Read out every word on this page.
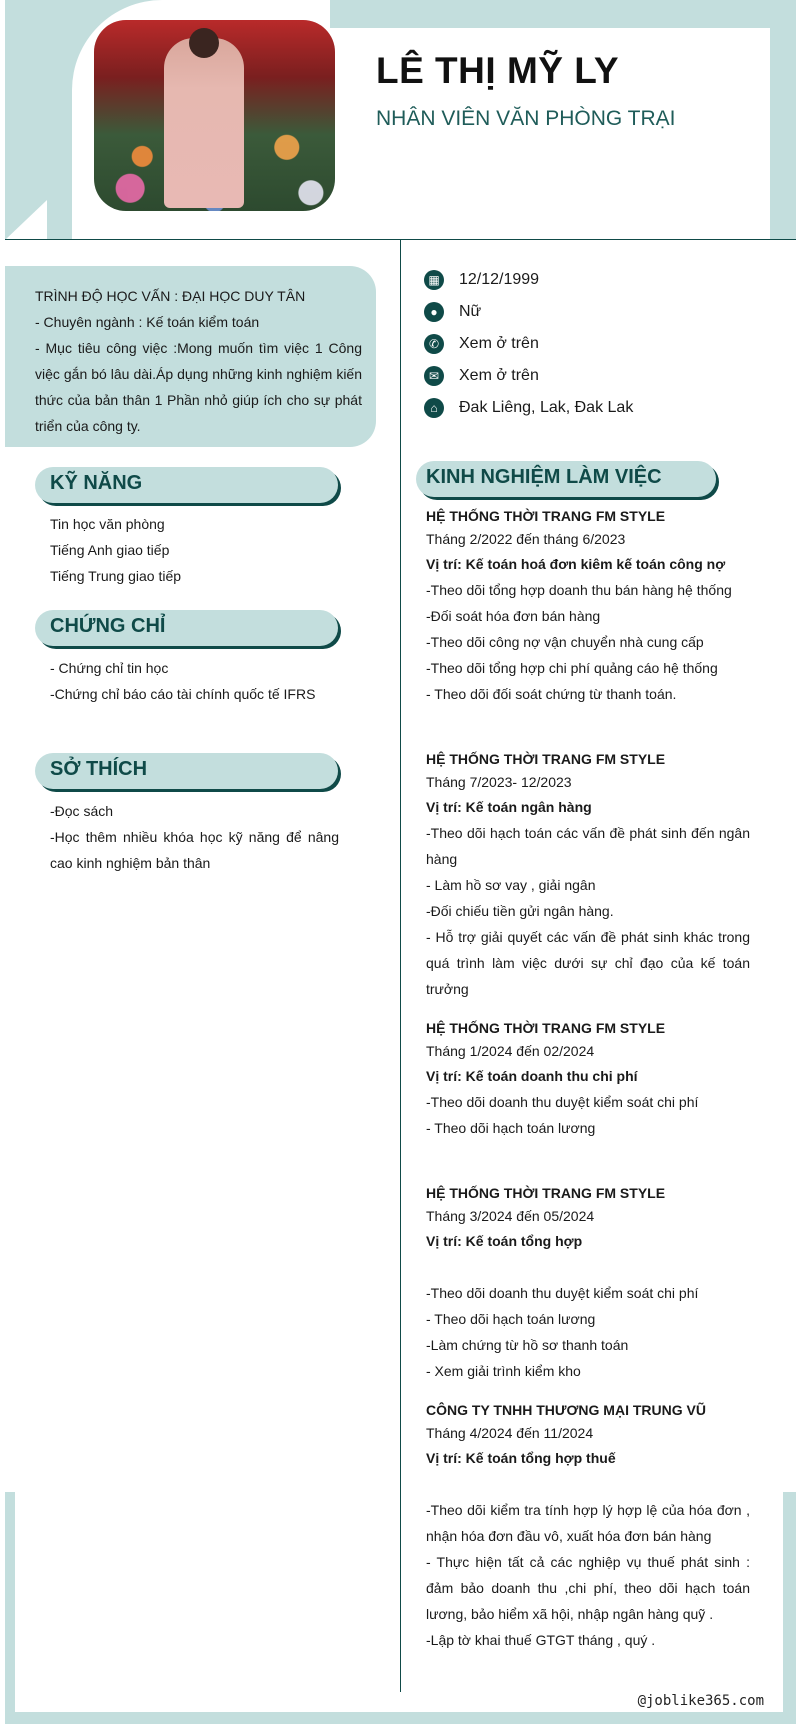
LÊ THỊ MỸ LY
NHÂN VIÊN VĂN PHÒNG TRẠI

TRÌNH ĐỘ HỌC VẤN : ĐẠI HỌC DUY TÂN

- Chuyên ngành : Kế toán kiểm toán

- Mục tiêu công việc :Mong muốn tìm việc 1 Công việc gắn bó lâu dài.Áp dụng những kinh nghiệm kiến thức của bản thân 1 Phần nhỏ giúp ích cho sự phát triển của công ty.

KỸ NĂNG

Tin học văn phòng

Tiếng Anh giao tiếp

Tiếng Trung giao tiếp

CHỨNG CHỈ

- Chứng chỉ tin học

-Chứng chỉ báo cáo tài chính quốc tế IFRS

SỞ THÍCH

-Đọc sách

-Học thêm nhiều khóa học kỹ năng để nâng cao kinh nghiệm bản thân

▦ 12/12/1999
●	Nữ
✆	Xem ở trên
✉	Xem ở trên
⌂	Đak Liêng, Lak, Đak Lak
KINH NGHIỆM LÀM VIỆC
HỆ THỐNG THỜI TRANG FM STYLE
Tháng 2/2022 đến tháng 6/2023
Vị trí: Kế toán hoá đơn kiêm kế toán công nợ

-Theo dõi tổng hợp doanh thu bán hàng hệ thống

-Đối soát hóa đơn bán hàng

-Theo dõi công nợ vận chuyển nhà cung cấp

-Theo dõi tổng hợp chi phí quảng cáo hệ thống

- Theo dõi đối soát chứng từ thanh toán.

HỆ THỐNG THỜI TRANG FM STYLE
Tháng 7/2023- 12/2023
Vị trí: Kế toán ngân hàng

-Theo dõi hạch toán các vấn đề phát sinh đến ngân hàng

- Làm hồ sơ vay , giải ngân

-Đối chiếu tiền gửi ngân hàng.

- Hỗ trợ giải quyết các vấn đề phát sinh khác trong quá trình làm việc dưới sự chỉ đạo của kế toán trưởng

HỆ THỐNG THỜI TRANG FM STYLE
Tháng 1/2024 đến 02/2024
Vị trí: Kế toán doanh thu chi phí

-Theo dõi doanh thu duyệt kiểm soát chi phí

- Theo dõi hạch toán lương

HỆ THỐNG THỜI TRANG FM STYLE
Tháng 3/2024 đến 05/2024
Vị trí: Kế toán tổng hợp

-Theo dõi doanh thu duyệt kiểm soát chi phí

- Theo dõi hạch toán lương

-Làm chứng từ hồ sơ thanh toán

- Xem giải trình kiểm kho

CÔNG TY TNHH THƯƠNG MẠI TRUNG VŨ
Tháng 4/2024 đến 11/2024
Vị trí: Kế toán tổng hợp thuế

-Theo dõi kiểm tra tính hợp lý hợp lệ của hóa đơn , nhận hóa đơn đầu vô, xuất hóa đơn bán hàng

- Thực hiện tất cả các nghiệp vụ thuế phát sinh : đảm bảo doanh thu ,chi phí, theo dõi hạch toán lương, bảo hiểm xã hội, nhập ngân hàng quỹ .

-Lập tờ khai thuế GTGT tháng , quý .

@joblike365.com
